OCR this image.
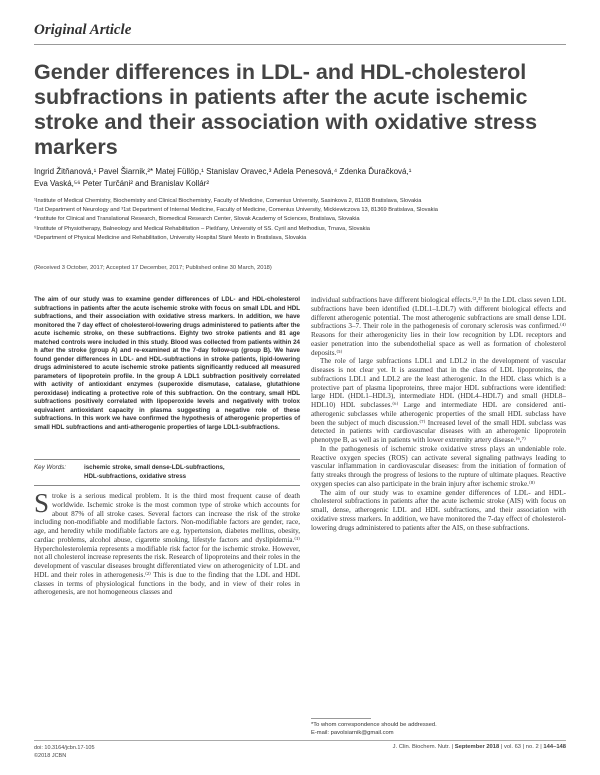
Original Article
Gender differences in LDL- and HDL-cholesterol subfractions in patients after the acute ischemic stroke and their association with oxidative stress markers
Ingrid Žitňanová,¹ Pavel Šiarnik,²* Matej Füllöp,¹ Stanislav Oravec,³ Adela Penesová,⁴ Zdenka Ďuračková,¹
Eva Vaská,⁵⁶ Peter Turčáni² and Branislav Kollár²
¹Institute of Medical Chemistry, Biochemistry and Clinical Biochemistry, Faculty of Medicine, Comenius University, Sasinkova 2, 81108 Bratislava, Slovakia
²1st Department of Neurology and ³1st Department of Internal Medicine, Faculty of Medicine, Comenius University, Mickiewiczova 13, 81369 Bratislava, Slovakia
⁴Institute for Clinical and Translational Research, Biomedical Research Center, Slovak Academy of Sciences, Bratislava, Slovakia
⁵Institute of Physiotherapy, Balneology and Medical Rehabilitation – Piešťany, University of SS. Cyril and Methodius, Trnava, Slovakia
⁶Department of Physical Medicine and Rehabilitation, University Hospital Staré Mesto in Bratislava, Slovakia
(Received 3 October, 2017; Accepted 17 December, 2017; Published online 30 March, 2018)

The aim of our study was to examine gender differences of LDL- and HDL-cholesterol subfractions in patients after the acute ischemic stroke with focus on small LDL and HDL subfractions, and their association with oxidative stress markers. In addition, we have monitored the 7 day effect of cholesterol-lowering drugs administered to patients after the acute ischemic stroke, on these subfractions. Eighty two stroke patients and 81 age matched controls were included in this study. Blood was collected from patients within 24 h after the stroke (group A) and re-examined at the 7-day follow-up (group B). We have found gender differences in LDL- and HDL-subfractions in stroke patients, lipid-lowering drugs administered to acute ischemic stroke patients significantly reduced all measured parameters of lipoprotein profile. In the group A LDL1 subfraction positively correlated with activity of antioxidant enzymes (superoxide dismutase, catalase, glutathione peroxidase) indicating a protective role of this subfraction. On the contrary, small HDL subfractions positively correlated with lipoperoxide levels and negatively with trolox equivalent antioxidant capacity in plasma suggesting a negative role of these subfractions. In this work we have confirmed the hypothesis of atherogenic properties of small HDL subfractions and anti-atherogenic properties of large LDL1-subfractions.

Key Words:	ischemic stroke, small dense-LDL-subfractions,
HDL-subfractions, oxidative stress
S troke is a serious medical problem. It is the third most frequent cause of death worldwide. Ischemic stroke is the most common type of stroke which accounts for about 87% of all stroke cases. Several factors can increase the risk of the stroke including non-modifiable and modifiable factors. Non-modifiable factors are gender, race, age, and heredity while modifiable factors are e.g. hypertension, diabetes mellitus, obesity, cardiac problems, alcohol abuse, cigarette smoking, lifestyle factors and dyslipidemia.⁽¹⁾ Hypercholesterolemia represents a modifiable risk factor for the ischemic stroke. However, not all cholesterol increase represents the risk. Research of lipoproteins and their roles in the development of vascular diseases brought differentiated view on atherogenicity of LDL and HDL and their roles in atherogenesis.⁽²⁾ This is due to the finding that the LDL and HDL classes in terms of physiological functions in the body, and in view of their roles in atherogenesis, are not homogeneous classes and

individual subfractions have different biological effects.⁽²,³⁾ In the LDL class seven LDL subfractions have been identified (LDL1–LDL7) with different biological effects and different atherogenic potential. The most atherogenic subfractions are small dense LDL subfractions 3–7. Their role in the pathogenesis of coronary sclerosis was confirmed.⁽⁴⁾ Reasons for their atherogenicity lies in their low recognition by LDL receptors and easier penetration into the subendothelial space as well as formation of cholesterol deposits.⁽⁵⁾

The role of large subfractions LDL1 and LDL2 in the development of vascular diseases is not clear yet. It is assumed that in the class of LDL lipoproteins, the subfractions LDL1 and LDL2 are the least atherogenic. In the HDL class which is a protective part of plasma lipoproteins, three major HDL subfractions were identified: large HDL (HDL1–HDL3), intermediate HDL (HDL4–HDL7) and small (HDL8–HDL10) HDL subclasses.⁽⁶⁾ Large and intermediate HDL are considered anti-atherogenic subclasses while atherogenic properties of the small HDL subclass have been the subject of much discussion.⁽⁷⁾ Increased level of the small HDL subclass was detected in patients with cardiovascular diseases with an atherogenic lipoprotein phenotype B, as well as in patients with lower extremity artery disease.⁽⁶,⁷⁾

In the pathogenesis of ischemic stroke oxidative stress plays an undeniable role. Reactive oxygen species (ROS) can activate several signaling pathways leading to vascular inflammation in cardiovascular diseases: from the initiation of formation of fatty streaks through the progress of lesions to the rupture of ultimate plaques. Reactive oxygen species can also participate in the brain injury after ischemic stroke.⁽⁸⁾

The aim of our study was to examine gender differences of LDL- and HDL-cholesterol subfractions in patients after the acute ischemic stroke (AIS) with focus on small, dense, atherogenic LDL and HDL subfractions, and their association with oxidative stress markers. In addition, we have monitored the 7-day effect of cholesterol-lowering drugs administered to patients after the AIS, on these subfractions.

*To whom correspondence should be addressed.
E-mail: pavolsiarnik@gmail.com
doi: 10.3164/jcbn.17-105
©2018 JCBN
J. Clin. Biochem. Nutr. | September 2018 | vol. 63 | no. 2 | 144–148
